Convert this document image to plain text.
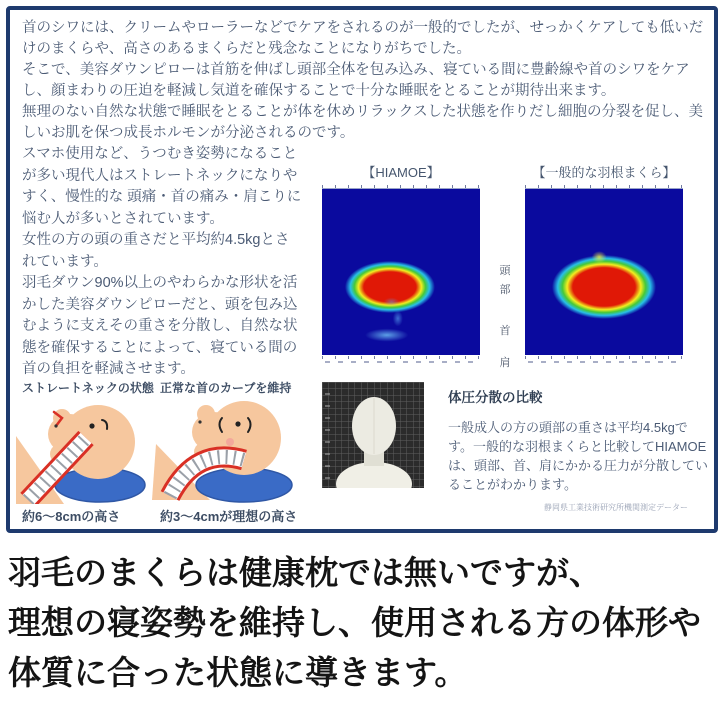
首のシワには、クリームやローラーなどでケアをされるのが一般的でしたが、せっかくケアしても低いだけのまくらや、高さのあるまくらだと残念なことになりがちでした。

そこで、美容ダウンピローは首筋を伸ばし頭部全体を包み込み、寝ている間に豊齢線や首のシワをケアし、顔まわりの圧迫を軽減し気道を確保することで十分な睡眠をとることが期待出来ます。

無理のない自然な状態で睡眠をとることが体を休めリラックスした状態を作りだし細胞の分裂を促し、美しいお肌を保つ成長ホルモンが分泌されるのです。

スマホ使用など、うつむき姿勢になることが多い現代人はストレートネックになりやすく、慢性的な 頭痛・首の痛み・肩こりに悩む人が多いとされています。

女性の方の頭の重さだと平均約4.5kgとされています。

羽毛ダウン90%以上のやわらかな形状を活かした美容ダウンピローだと、頭を包み込むように支えその重さを分散し、自然な状態を確保することによって、寝ている間の首の負担を軽減させます。

【HIAMOE】	【一般的な羽根まくら】
頭
部
首
肩
ストレートネックの状態 正常な首のカーブを維持
約6～8cmの高さ	約3～4cmが理想の高さ

体圧分散の比較

一般成人の方の頭部の重さは平均4.5kgです。一般的な羽根まくらと比較してHIAMOEは、頭部、首、肩にかかる圧力が分散していることがわかります。

静岡県工業技術研究所機関測定データー

羽毛のまくらは健康枕では無いですが、

理想の寝姿勢を維持し、使用される方の体形や体質に合った状態に導きます。
